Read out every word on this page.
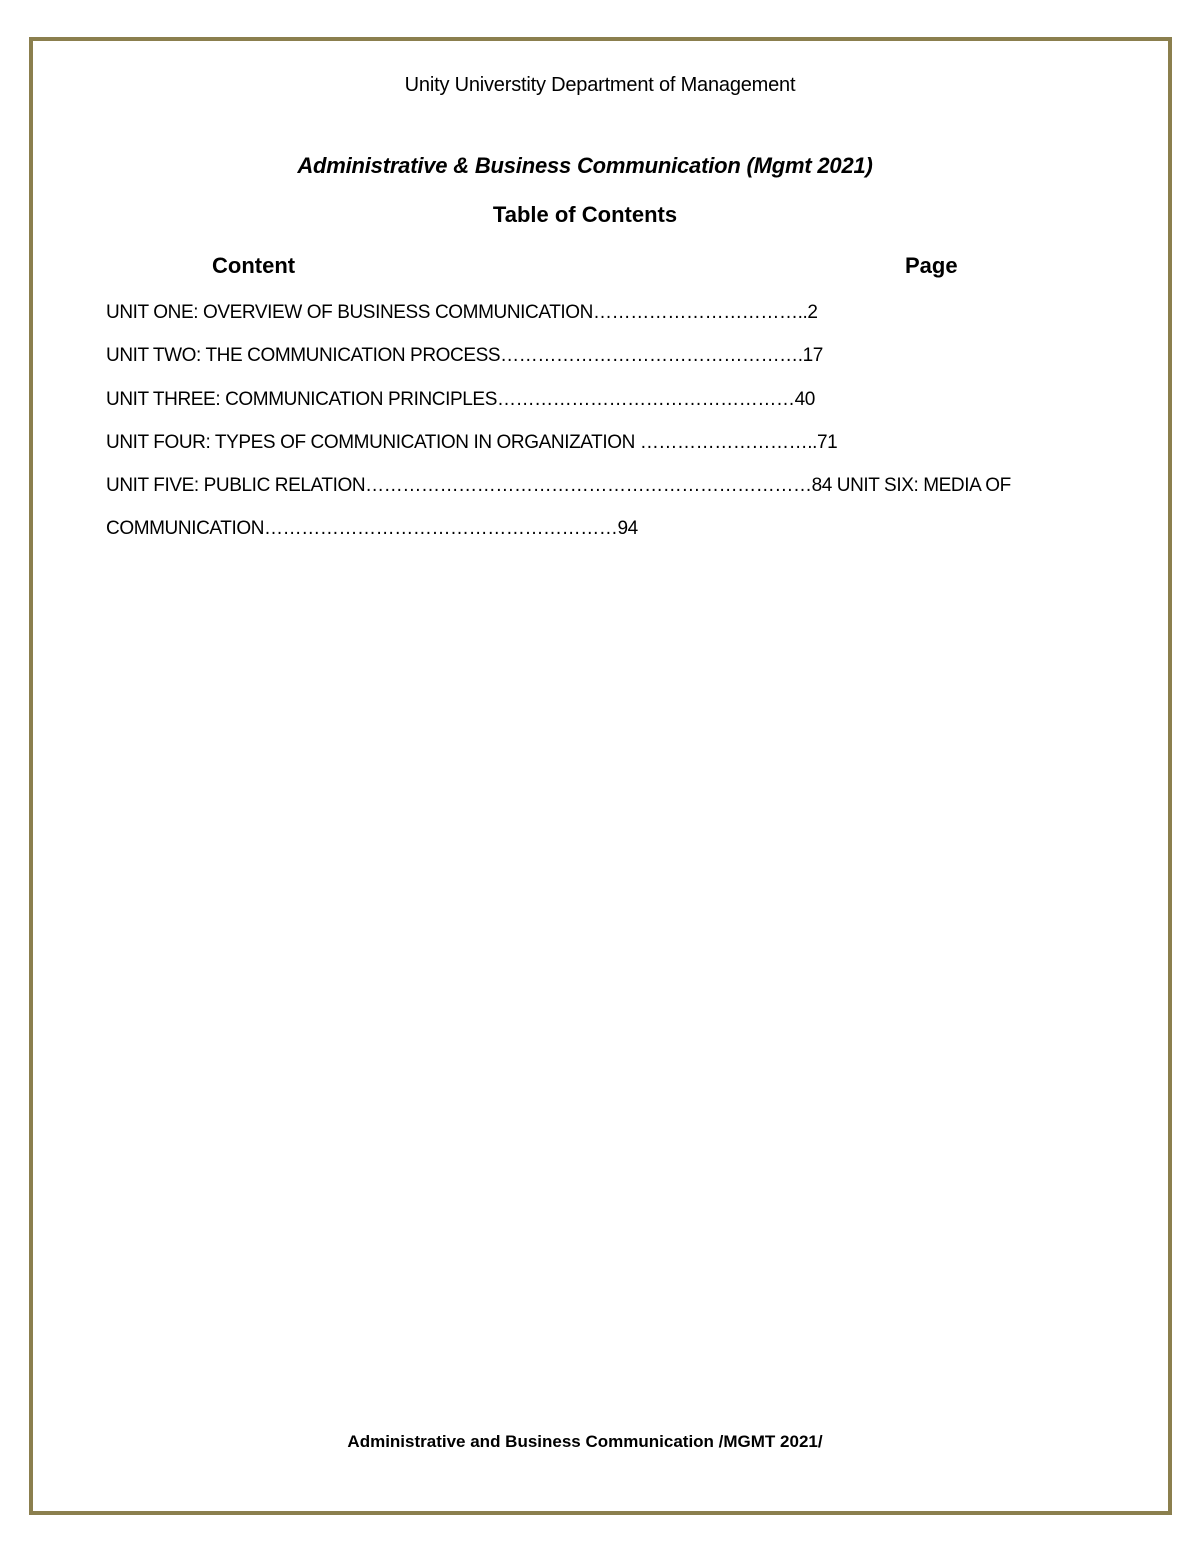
Unity Universtity Department of Management
Administrative & Business Communication (Mgmt 2021)
Table of Contents
Content	Page
UNIT ONE: OVERVIEW OF BUSINESS COMMUNICATION……………………………..2
UNIT TWO: THE COMMUNICATION PROCESS………………………………………….17
UNIT THREE: COMMUNICATION PRINCIPLES…………………………………………40
UNIT FOUR: TYPES OF COMMUNICATION IN ORGANIZATION ………………………..71
UNIT FIVE: PUBLIC RELATION………………………………………………………………84 UNIT SIX: MEDIA OF
COMMUNICATION…………………………………………………94
Administrative and Business Communication /MGMT 2021/
